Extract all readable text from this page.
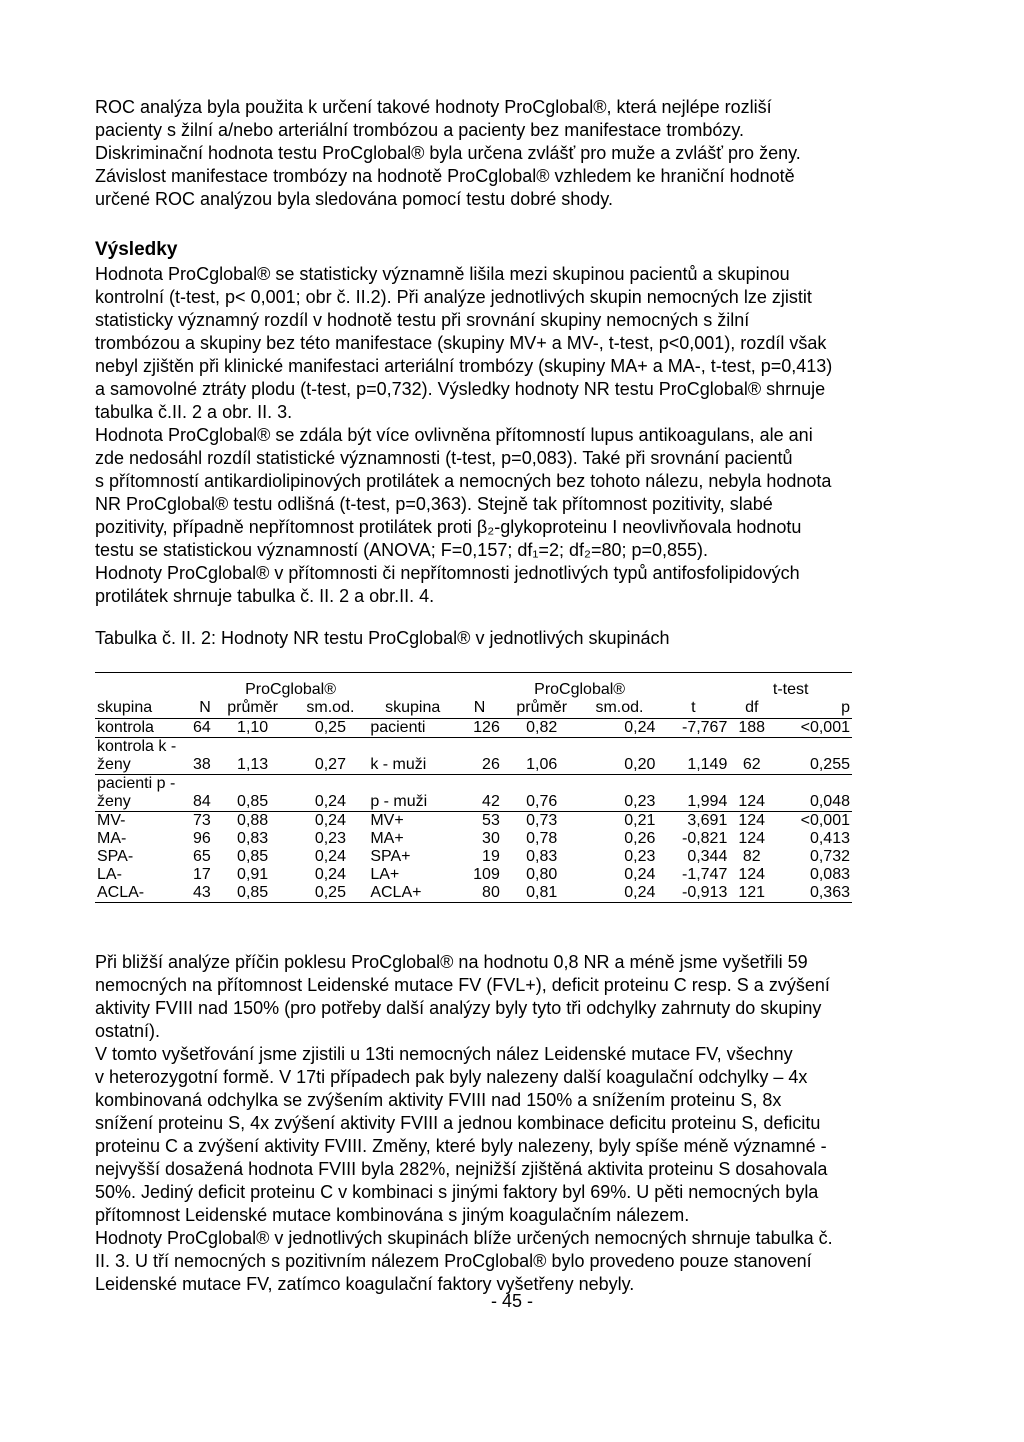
ROC analýza byla použita k určení takové hodnoty ProCglobal®, která nejlépe rozliší
pacienty s žilní a/nebo arteriální trombózou a pacienty bez manifestace trombózy.
Diskriminační hodnota testu ProCglobal® byla určena zvlášť pro muže a zvlášť pro ženy.
Závislost manifestace trombózy na hodnotě ProCglobal® vzhledem ke hraniční hodnotě
určené ROC analýzou byla sledována pomocí testu dobré shody.

Výsledky

Hodnota ProCglobal® se statisticky významně lišila mezi skupinou pacientů a skupinou
kontrolní (t-test, p< 0,001; obr č. II.2). Při analýze jednotlivých skupin nemocných lze zjistit
statisticky významný rozdíl v hodnotě testu při srovnání skupiny nemocných s žilní
trombózou a skupiny bez této manifestace (skupiny MV+ a MV-, t-test, p<0,001), rozdíl však
nebyl zjištěn při klinické manifestaci arteriální trombózy (skupiny MA+ a MA-, t-test, p=0,413)
a samovolné ztráty plodu (t-test, p=0,732). Výsledky hodnoty NR testu ProCglobal® shrnuje
tabulka č.II. 2 a obr. II. 3.
Hodnota ProCglobal® se zdála být více ovlivněna přítomností lupus antikoagulans, ale ani
zde nedosáhl rozdíl statistické významnosti (t-test, p=0,083). Také při srovnání pacientů
s přítomností antikardiolipinových protilátek a nemocných bez tohoto nálezu, nebyla hodnota
NR ProCglobal® testu odlišná (t-test, p=0,363). Stejně tak přítomnost pozitivity, slabé
pozitivity, případně nepřítomnost protilátek proti β₂-glykoproteinu I neovlivňovala hodnotu
testu se statistickou významností (ANOVA; F=0,157; df₁=2; df₂=80; p=0,855).
Hodnoty ProCglobal® v přítomnosti či nepřítomnosti jednotlivých typů antifosfolipidových
protilátek shrnuje tabulka č. II. 2 a obr.II. 4.

Tabulka č. II. 2: Hodnoty NR testu ProCglobal® v jednotlivých skupinách

		ProCglobal®				ProCglobal®			t-test	
skupina	N	průměr	sm.od.	skupina	N	průměr	sm.od.	t	df	p
kontrola	64	1,10	0,25	pacienti	126	0,82	0,24	-7,767	188	<0,001
kontrola k - ženy	38	1,13	0,27	k - muži	26	1,06	0,20	1,149	62	0,255
pacienti p - ženy	84	0,85	0,24	p - muži	42	0,76	0,23	1,994	124	0,048
MV-	73	0,88	0,24	MV+	53	0,73	0,21	3,691	124	<0,001
MA-	96	0,83	0,23	MA+	30	0,78	0,26	-0,821	124	0,413
SPA-	65	0,85	0,24	SPA+	19	0,83	0,23	0,344	82	0,732
LA-	17	0,91	0,24	LA+	109	0,80	0,24	-1,747	124	0,083
ACLA-	43	0,85	0,25	ACLA+	80	0,81	0,24	-0,913	121	0,363

Při bližší analýze příčin poklesu ProCglobal® na hodnotu 0,8 NR a méně jsme vyšetřili 59
nemocných na přítomnost Leidenské mutace FV (FVL+), deficit proteinu C resp. S a zvýšení
aktivity FVIII nad 150% (pro potřeby další analýzy byly tyto tři odchylky zahrnuty do skupiny
ostatní).
V tomto vyšetřování jsme zjistili u 13ti nemocných nález Leidenské mutace FV, všechny
v heterozygotní formě. V 17ti případech pak byly nalezeny další koagulační odchylky – 4x
kombinovaná odchylka se zvýšením aktivity FVIII nad 150% a snížením proteinu S, 8x
snížení proteinu S, 4x zvýšení aktivity FVIII a jednou kombinace deficitu proteinu S, deficitu
proteinu C a zvýšení aktivity FVIII. Změny, které byly nalezeny, byly spíše méně významné -
nejvyšší dosažená hodnota FVIII byla 282%, nejnižší zjištěná aktivita proteinu S dosahovala
50%. Jediný deficit proteinu C v kombinaci s jinými faktory byl 69%. U pěti nemocných byla
přítomnost Leidenské mutace kombinována s jiným koagulačním nálezem.
Hodnoty ProCglobal® v jednotlivých skupinách blíže určených nemocných shrnuje tabulka č.
II. 3. U tří nemocných s pozitivním nálezem ProCglobal® bylo provedeno pouze stanovení
Leidenské mutace FV, zatímco koagulační faktory vyšetřeny nebyly.

- 45 -
